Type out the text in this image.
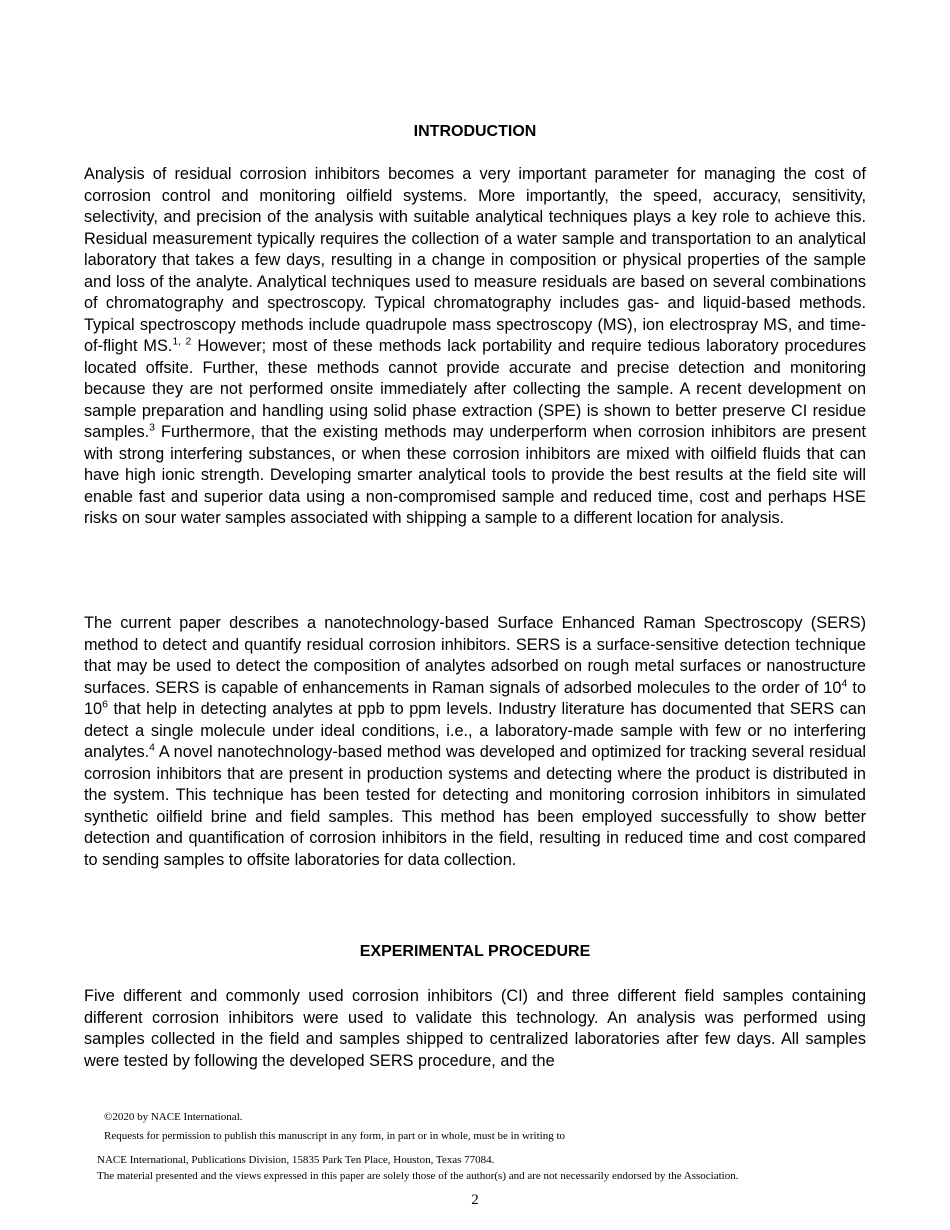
INTRODUCTION

Analysis of residual corrosion inhibitors becomes a very important parameter for managing the cost of corrosion control and monitoring oilfield systems. More importantly, the speed, accuracy, sensitivity, selectivity, and precision of the analysis with suitable analytical techniques plays a key role to achieve this. Residual measurement typically requires the collection of a water sample and transportation to an analytical laboratory that takes a few days, resulting in a change in composition or physical properties of the sample and loss of the analyte. Analytical techniques used to measure residuals are based on several combinations of chromatography and spectroscopy. Typical chromatography includes gas- and liquid-based methods. Typical spectroscopy methods include quadrupole mass spectroscopy (MS), ion electrospray MS, and time-of-flight MS.$^{1, 2}$ However; most of these methods lack portability and require tedious laboratory procedures located offsite. Further, these methods cannot provide accurate and precise detection and monitoring because they are not performed onsite immediately after collecting the sample. A recent development on sample preparation and handling using solid phase extraction (SPE) is shown to better preserve CI residue samples.$^3$ Furthermore, that the existing methods may underperform when corrosion inhibitors are present with strong interfering substances, or when these corrosion inhibitors are mixed with oilfield fluids that can have high ionic strength. Developing smarter analytical tools to provide the best results at the field site will enable fast and superior data using a non-compromised sample and reduced time, cost and perhaps HSE risks on sour water samples associated with shipping a sample to a different location for analysis.

The current paper describes a nanotechnology-based Surface Enhanced Raman Spectroscopy (SERS) method to detect and quantify residual corrosion inhibitors. SERS is a surface-sensitive detection technique that may be used to detect the composition of analytes adsorbed on rough metal surfaces or nanostructure surfaces. SERS is capable of enhancements in Raman signals of adsorbed molecules to the order of $10^4$ to $10^6$ that help in detecting analytes at ppb to ppm levels. Industry literature has documented that SERS can detect a single molecule under ideal conditions, i.e., a laboratory-made sample with few or no interfering analytes.$^4$ A novel nanotechnology-based method was developed and optimized for tracking several residual corrosion inhibitors that are present in production systems and detecting where the product is distributed in the system. This technique has been tested for detecting and monitoring corrosion inhibitors in simulated synthetic oilfield brine and field samples. This method has been employed successfully to show better detection and quantification of corrosion inhibitors in the field, resulting in reduced time and cost compared to sending samples to offsite laboratories for data collection.

EXPERIMENTAL PROCEDURE

Five different and commonly used corrosion inhibitors (CI) and three different field samples containing different corrosion inhibitors were used to validate this technology. An analysis was performed using samples collected in the field and samples shipped to centralized laboratories after few days. All samples were tested by following the developed SERS procedure, and the

©2020 by NACE International.
Requests for permission to publish this manuscript in any form, in part or in whole, must be in writing to
NACE International, Publications Division, 15835 Park Ten Place, Houston, Texas 77084.
The material presented and the views expressed in this paper are solely those of the author(s) and are not necessarily endorsed by the Association.
2
